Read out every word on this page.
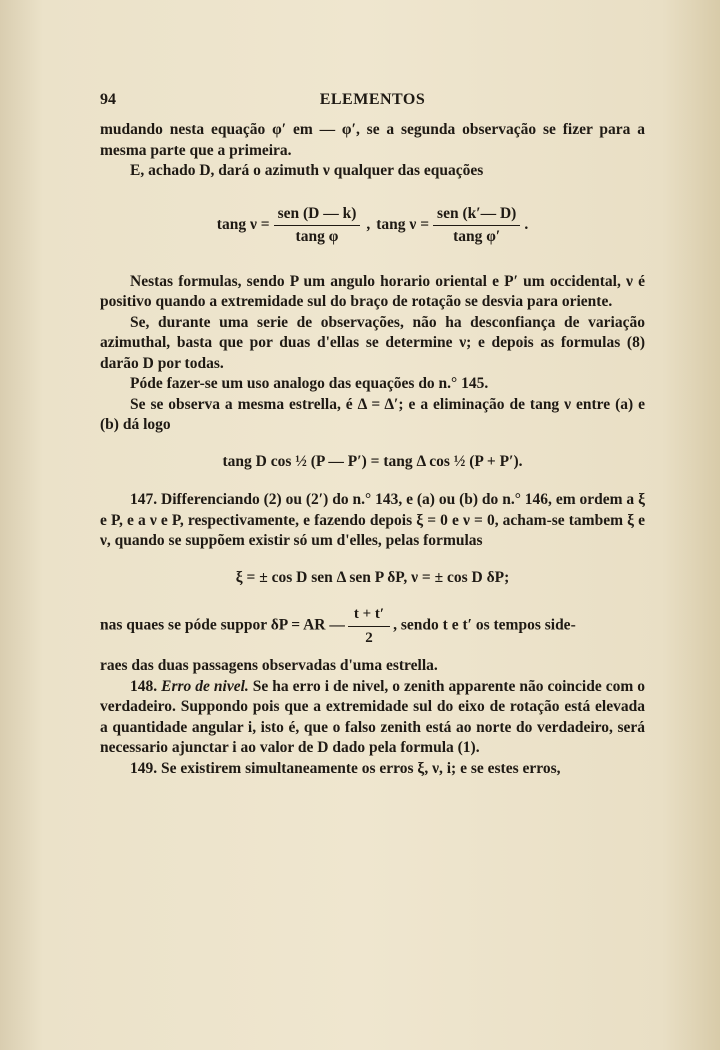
94	ELEMENTOS

mudando nesta equação φ′ em — φ′, se a segunda observação se fizer para a mesma parte que a primeira.

E, achado D, dará o azimuth ν qualquer das equações

tang $\nu = \frac{\text{sen (D — k)}}{\text{tang φ}}$ , tang $\nu = \frac{\text{sen (k′— D)}}{\text{tang φ′}}$ .

Nestas formulas, sendo P um angulo horario oriental e P′ um occidental, ν é positivo quando a extremidade sul do braço de rotação se desvia para oriente.

Se, durante uma serie de observações, não ha desconfiança de variação azimuthal, basta que por duas d'ellas se determine ν; e depois as formulas (8) darão D por todas.

Póde fazer-se um uso analogo das equações do n.° 145.

Se se observa a mesma estrella, é Δ = Δ′; e a eliminação de tang ν entre (a) e (b) dá logo

tang D cos ½ (P — P′) = tang Δ cos ½ (P + P′).

147. Differenciando (2) ou (2′) do n.° 143, e (a) ou (b) do n.° 146, em ordem a ξ e P, e a ν e P, respectivamente, e fazendo depois ξ = 0 e ν = 0, acham-se tambem ξ e ν, quando se suppõem existir só um d'elles, pelas formulas

ξ = ± cos D sen Δ sen P δP, ν = ± cos D δP;

nas quaes se póde suppor δP = AR — $\frac{t + t'}{2}$ , sendo t e t′ os tempos side-

raes das duas passagens observadas d'uma estrella.

148. Erro de nivel. Se ha erro i de nivel, o zenith apparente não coincide com o verdadeiro. Suppondo pois que a extremidade sul do eixo de rotação está elevada a quantidade angular i, isto é, que o falso zenith está ao norte do verdadeiro, será necessario ajunctar i ao valor de D dado pela formula (1).

149. Se existirem simultaneamente os erros ξ, ν, i; e se estes erros,
